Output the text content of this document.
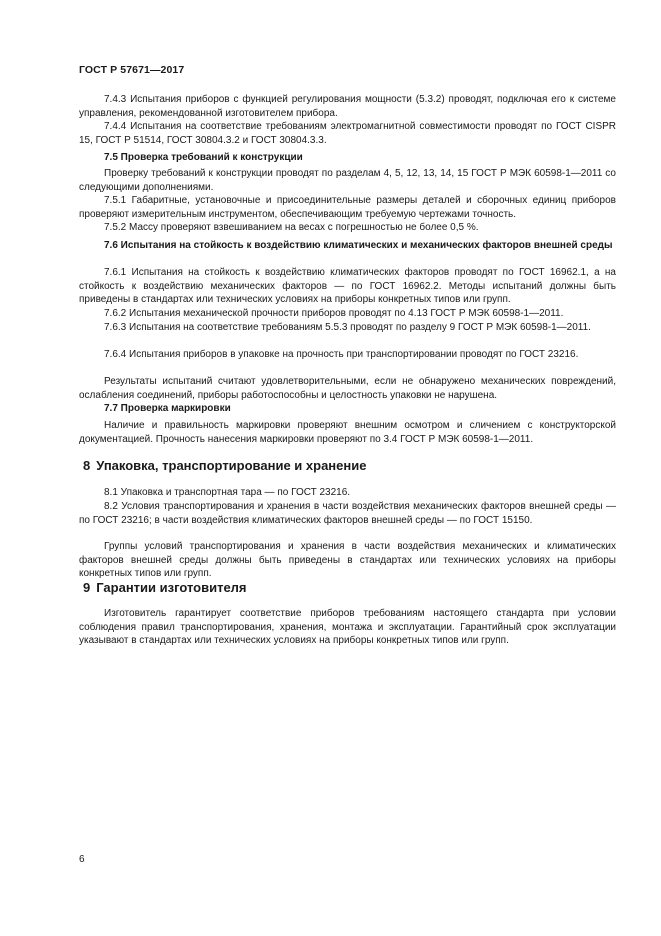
ГОСТ Р 57671—2017

7.4.3 Испытания приборов с функцией регулирования мощности (5.3.2) проводят, подключая его к системе управления, рекомендованной изготовителем прибора.

7.4.4 Испытания на соответствие требованиям электромагнитной совместимости проводят по ГОСТ CISPR 15, ГОСТ Р 51514, ГОСТ 30804.3.2 и ГОСТ 30804.3.3.

7.5 Проверка требований к конструкции

Проверку требований к конструкции проводят по разделам 4, 5, 12, 13, 14, 15 ГОСТ Р МЭК 60598-1—2011 со следующими дополнениями.

7.5.1 Габаритные, установочные и присоединительные размеры деталей и сборочных единиц приборов проверяют измерительным инструментом, обеспечивающим требуемую чертежами точность.

7.5.2 Массу проверяют взвешиванием на весах с погрешностью не более 0,5 %.

7.6 Испытания на стойкость к воздействию климатических и механических факторов внешней среды

7.6.1 Испытания на стойкость к воздействию климатических факторов проводят по ГОСТ 16962.1, а на стойкость к воздействию механических факторов — по ГОСТ 16962.2. Методы испытаний должны быть приведены в стандартах или технических условиях на приборы конкретных типов или групп.

7.6.2 Испытания механической прочности приборов проводят по 4.13 ГОСТ Р МЭК 60598-1—2011.

7.6.3 Испытания на соответствие требованиям 5.5.3 проводят по разделу 9 ГОСТ Р МЭК 60598-1—2011.

7.6.4 Испытания приборов в упаковке на прочность при транспортировании проводят по ГОСТ 23216.

Результаты испытаний считают удовлетворительными, если не обнаружено механических повреждений, ослабления соединений, приборы работоспособны и целостность упаковки не нарушена.

7.7 Проверка маркировки

Наличие и правильность маркировки проверяют внешним осмотром и сличением с конструкторской документацией. Прочность нанесения маркировки проверяют по 3.4 ГОСТ Р МЭК 60598-1—2011.

8 Упаковка, транспортирование и хранение

8.1 Упаковка и транспортная тара — по ГОСТ 23216.

8.2 Условия транспортирования и хранения в части воздействия механических факторов внешней среды — по ГОСТ 23216; в части воздействия климатических факторов внешней среды — по ГОСТ 15150.

Группы условий транспортирования и хранения в части воздействия механических и климатических факторов внешней среды должны быть приведены в стандартах или технических условиях на приборы конкретных типов или групп.

9 Гарантии изготовителя

Изготовитель гарантирует соответствие приборов требованиям настоящего стандарта при условии соблюдения правил транспортирования, хранения, монтажа и эксплуатации. Гарантийный срок эксплуатации указывают в стандартах или технических условиях на приборы конкретных типов или групп.

6
